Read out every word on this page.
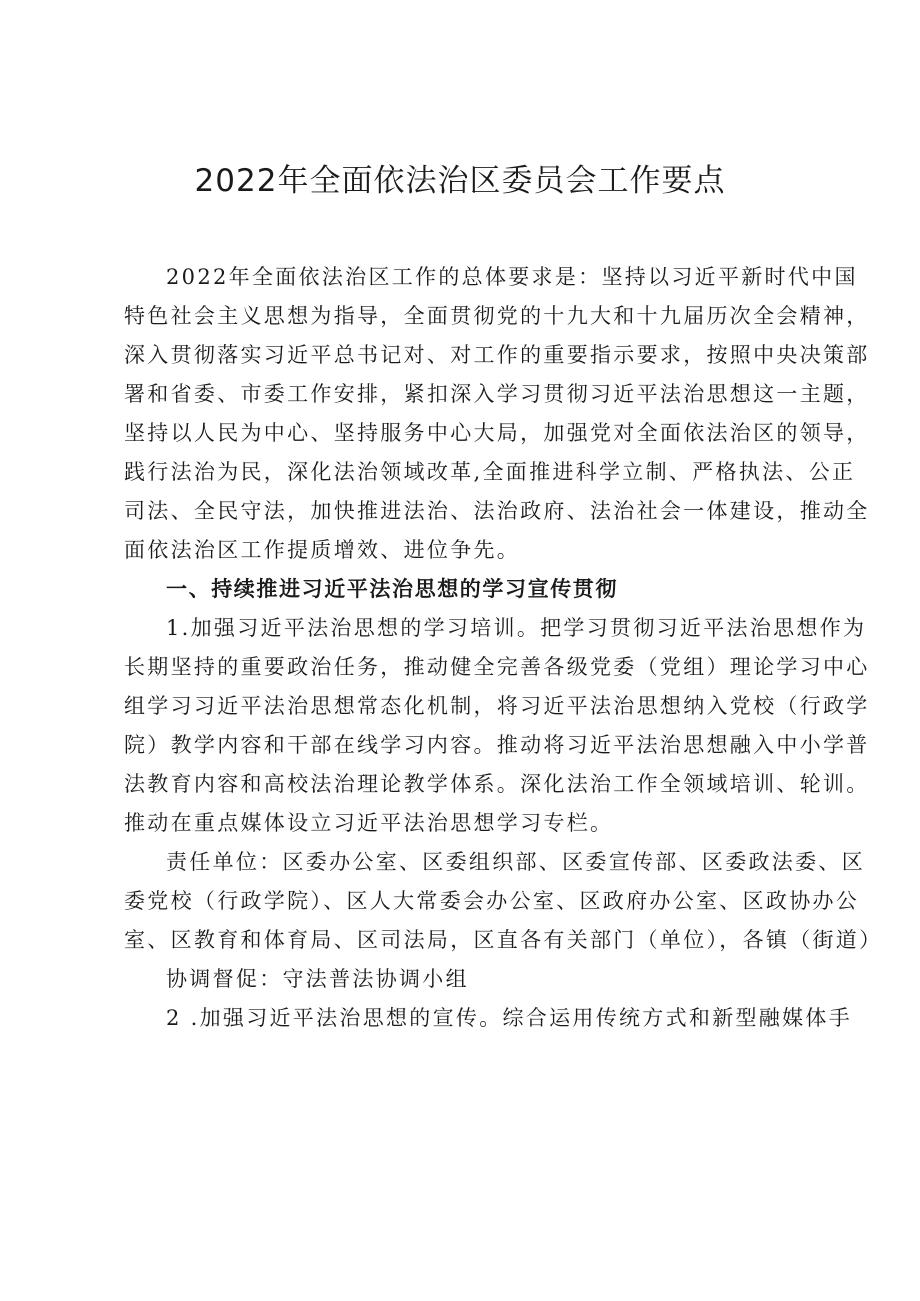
2022年全面依法治区委员会工作要点

2022年全面依法治区工作的总体要求是：坚持以习近平新时代中国
特色社会主义思想为指导，全面贯彻党的十九大和十九届历次全会精神，
深入贯彻落实习近平总书记对、对工作的重要指示要求，按照中央决策部
署和省委、市委工作安排，紧扣深入学习贯彻习近平法治思想这一主题，
坚持以人民为中心、坚持服务中心大局，加强党对全面依法治区的领导，
践行法治为民，深化法治领域改革,全面推进科学立制、严格执法、公正
司法、全民守法，加快推进法治、法治政府、法治社会一体建设，推动全
面依法治区工作提质增效、进位争先。

一、持续推进习近平法治思想的学习宣传贯彻

1.加强习近平法治思想的学习培训。把学习贯彻习近平法治思想作为
长期坚持的重要政治任务，推动健全完善各级党委（党组）理论学习中心
组学习习近平法治思想常态化机制，将习近平法治思想纳入党校（行政学
院）教学内容和干部在线学习内容。推动将习近平法治思想融入中小学普
法教育内容和高校法治理论教学体系。深化法治工作全领域培训、轮训。
推动在重点媒体设立习近平法治思想学习专栏。

责任单位：区委办公室、区委组织部、区委宣传部、区委政法委、区
委党校（行政学院）、区人大常委会办公室、区政府办公室、区政协办公
室、区教育和体育局、区司法局，区直各有关部门（单位），各镇（街道）

协调督促：守法普法协调小组

2 .加强习近平法治思想的宣传。综合运用传统方式和新型融媒体手
